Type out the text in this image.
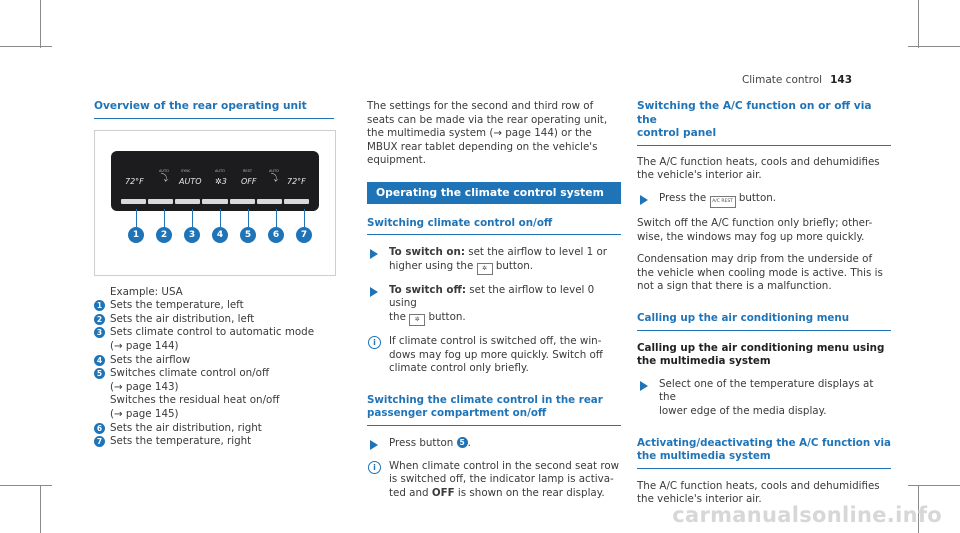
Climate control 143
Overview of the rear operating unit
72°F ⤵ AUTO ✲3 OFF ⤵ 72°F
AUTO	SYNC	AUTO	REST	AUTO
1	2	3	4	5	6	7
Example: USA
1 Sets the temperature, left
2 Sets the air distribution, left
3 Sets climate control to automatic mode
(→ page 144)
4 Sets the airflow
5 Switches climate control on/off
(→ page 143)
Switches the residual heat on/off
(→ page 145)
6 Sets the air distribution, right
7 Sets the temperature, right

The settings for the second and third row of
seats can be made via the rear operating unit,
the multimedia system (→ page 144) or the
MBUX rear tablet depending on the vehicle's
equipment.

Operating the climate control system
Switching climate control on/off
To switch on: set the airflow to level 1 or
higher using the ✲ button.
To switch off: set the airflow to level 0 using
the ✲ button.
i	If climate control is switched off, the win-
dows may fog up more quickly. Switch off
climate control only briefly.
Switching the climate control in the rear
passenger compartment on/off
Press button 5 .
i	When climate control in the second seat row
is switched off, the indicator lamp is activa-
ted and OFF is shown on the rear display.
Switching the A/C function on or off via the
control panel

The A/C function heats, cools and dehumidifies
the vehicle's interior air.

Press the A/C REST button.

Switch off the A/C function only briefly; other-
wise, the windows may fog up more quickly.

Condensation may drip from the underside of
the vehicle when cooling mode is active. This is
not a sign that there is a malfunction.

Calling up the air conditioning menu
Calling up the air conditioning menu using
the multimedia system
Select one of the temperature displays at the
lower edge of the media display.
Activating/deactivating the A/C function via
the multimedia system

The A/C function heats, cools and dehumidifies
the vehicle's interior air.

carmanualsonline.info
